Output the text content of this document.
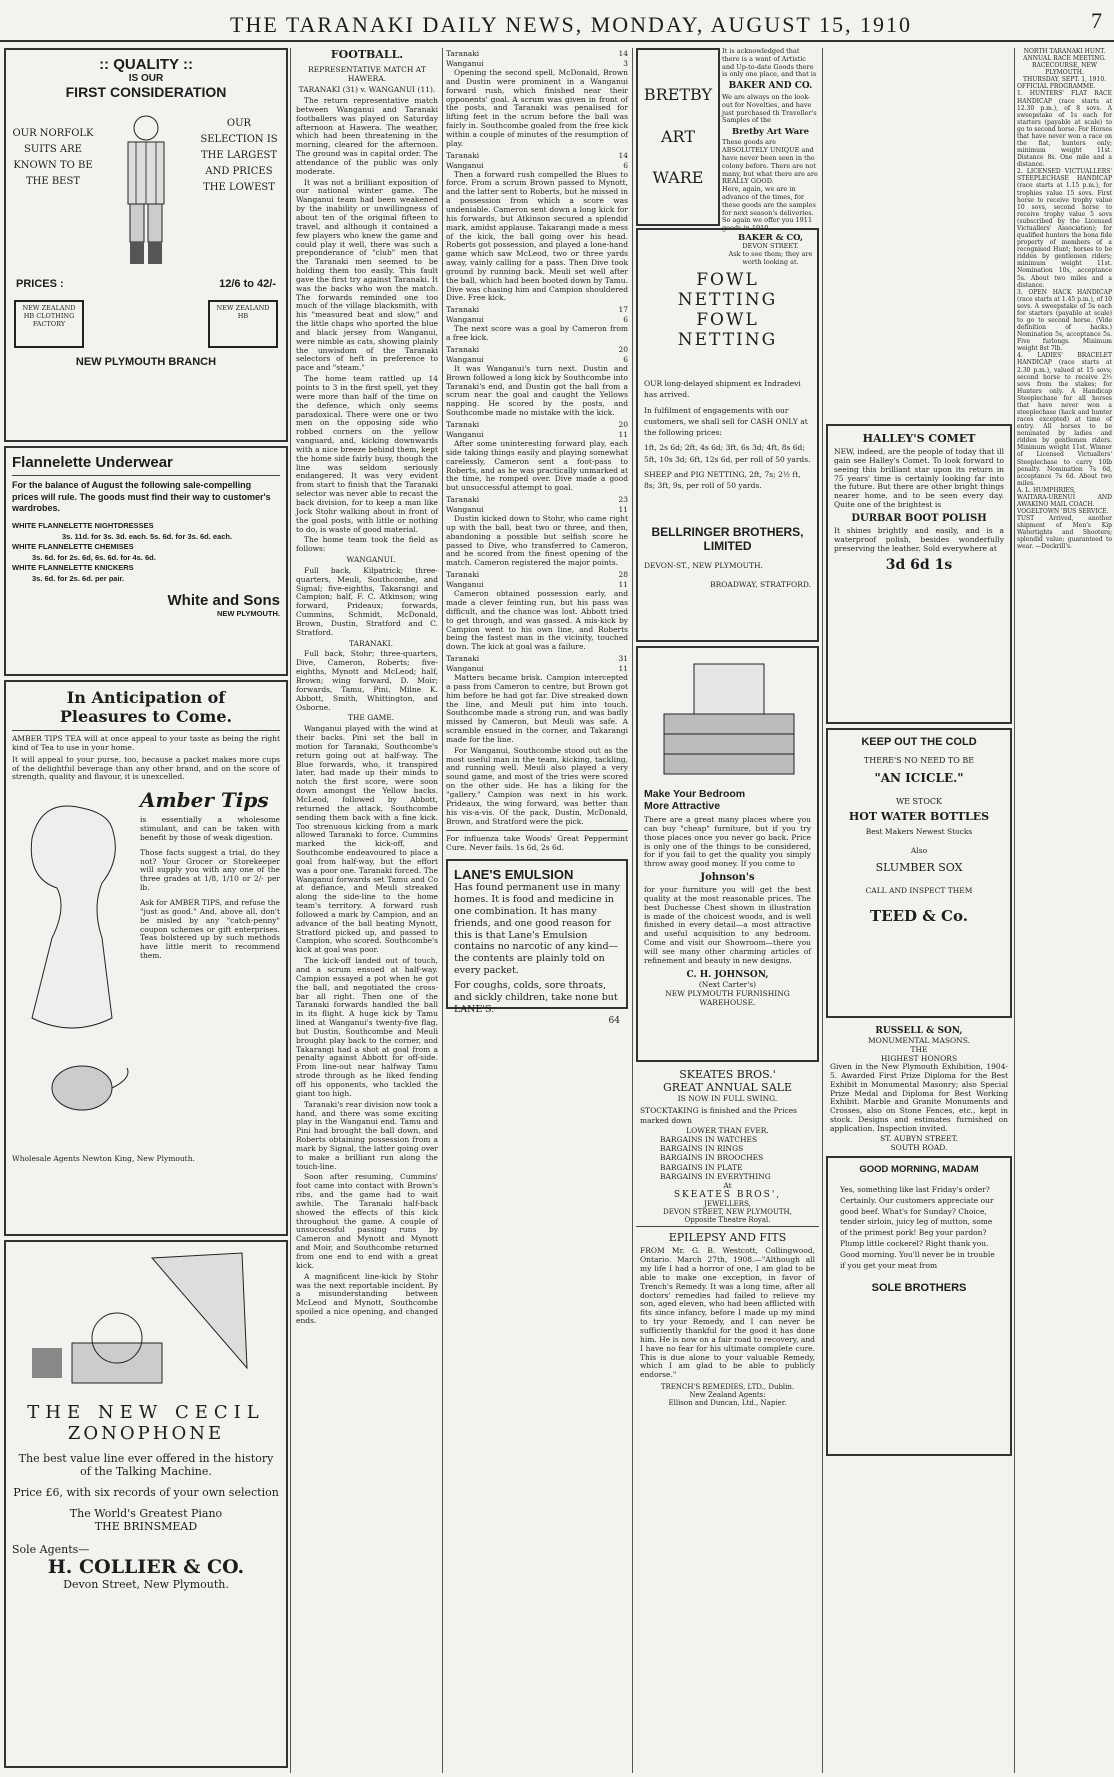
THE TARANAKI DAILY NEWS, MONDAY, AUGUST 15, 1910	7
:: QUALITY ::
IS OUR
FIRST CONSIDERATION
OUR NORFOLK SUITS ARE KNOWN TO BE THE BEST
OUR SELECTION IS THE LARGEST AND PRICES THE LOWEST
PRICES :	12/6 to 42/-
NEW ZEALAND HB CLOTHING FACTORY
NEW ZEALAND HB
NEW PLYMOUTH BRANCH
Flannelette Underwear
For the balance of August the following sale-compelling prices will rule. The goods must find their way to customer's wardrobes.
WHITE FLANNELETTE NIGHTDRESSES
3s. 11d. for 3s. 3d. each. 5s. 6d. for 3s. 6d. each.
WHITE FLANNELETTE CHEMISES
3s. 6d. for 2s. 6d, 6s. 6d. for 4s. 6d.
WHITE FLANNELETTE KNICKERS
3s. 6d. for 2s. 6d. per pair.
White and Sons
NEW PLYMOUTH.
In Anticipation of
Pleasures to Come.
AMBER TIPS TEA will at once appeal to your taste as being the right kind of Tea to use in your home.
It will appeal to your purse, too, because a packet makes more cups of the delightful beverage than any other brand, and on the score of strength, quality and flavour, it is unexcelled.
Amber Tips
is essentially a wholesome stimulant, and can be taken with benefit by those of weak digestion.
Those facts suggest a trial, do they not? Your Grocer or Storekeeper will supply you with any one of the three grades at 1/8, 1/10 or 2/- per lb.
Ask for AMBER TIPS, and refuse the "just as good." And, above all, don't be misled by any "catch-penny" coupon schemes or gift enterprises. Teas bolstered up by such methods have little merit to recommend them.
Wholesale Agents Newton King, New Plymouth.
THE NEW CECIL
ZONOPHONE
The best value line ever offered in the history of the Talking Machine.
Price £6, with six records of your own selection
The World's Greatest Piano
THE BRINSMEAD
Sole Agents—
H. COLLIER & CO.
Devon Street, New Plymouth.
FOOTBALL.
REPRESENTATIVE MATCH AT HAWERA.
TARANAKI (31) v. WANGANUI (11).

The return representative match between Wanganui and Taranaki footballers was played on Saturday afternoon at Hawera. The weather, which had been threatening in the morning, cleared for the afternoon. The ground was in capital order. The attendance of the public was only moderate.

It was not a brilliant exposition of our national winter game. The Wanganui team had been weakened by the inability or unwillingness of about ten of the original fifteen to travel, and although it contained a few players who knew the game and could play it well, there was such a preponderance of "club" men that the Taranaki men seemed to be holding them too easily. This fault gave the first try against Taranaki. It was the backs who won the match. The forwards reminded one too much of the village blacksmith, with his "measured beat and slow," and the little chaps who sported the blue and black jersey from Wanganui, were nimble as cats, showing plainly the unwisdom of the Taranaki selectors of heft in preference to pace and "steam."

The home team rattled up 14 points to 3 in the first spell, yet they were more than half of the time on the defence, which only seems paradoxical. There were one or two men on the opposing side who robbed corners on the yellow vanguard, and, kicking downwards with a nice breeze behind them, kept the home side fairly busy, though the line was seldom seriously endangered. It was very evident from start to finish that the Taranaki selector was never able to recast the back division, for to keep a man like Jock Stohr walking about in front of the goal posts, with little or nothing to do, is waste of good material.

The home team took the field as follows:

WANGANUI.

Full back, Kilpatrick; three-quarters, Meuli, Southcombe, and Signal; five-eighths, Takarangi and Campion; half, F. C. Atkinson; wing forward, Prideaux; forwards, Cummins, Schmidt, McDonald, Brown, Dustin, Stratford and C. Stratford.

TARANAKI.

Full back, Stohr; three-quarters, Dive, Cameron, Roberts; five-eighths, Mynott and McLeod; half, Brown; wing forward, D. Moir; forwards, Tamu, Pini, Milne K. Abbott, Smith, Whittington, and Osborne.

THE GAME.

Wanganui played with the wind at their backs. Pini set the ball in motion for Taranaki, Southcombe's return going out at half-way. The Blue forwards, who, it transpired later, had made up their minds to notch the first score, were soon down amongst the Yellow backs. McLeod, followed by Abbott, returned the attack, Southcombe sending them back with a fine kick. Too strenuous kicking from a mark allowed Taranaki to force. Cummins marked the kick-off, and Southcombe endeavoured to place a goal from half-way, but the effort was a poor one. Taranaki forced. The Wanganui forwards set Tamu and Co at defiance, and Meuli streaked along the side-line to the home team's territory. A forward rush followed a mark by Campion, and an advance of the ball beating Mynott, Stratford picked up, and passed to Campion, who scored. Southcombe's kick at goal was poor.

The kick-off landed out of touch, and a scrum ensued at half-way. Campion essayed a pot when he got the ball, and negotiated the cross-bar all right. Then one of the Taranaki forwards handled the ball in its flight. A huge kick by Tamu lined at Wanganui's twenty-five flag, but Dustin, Southcombe and Meuli brought play back to the corner, and Takarangi had a shot at goal from a penalty against Abbott for off-side. From line-out near halfway Tamu strode through as he liked fending off his opponents, who tackled the giant too high.

Taranaki's rear division now took a hand, and there was some exciting play in the Wanganui end. Tamu and Pini had brought the ball down, and Roberts obtaining possession from a mark by Signal, the latter going over to make a brilliant run along the touch-line.

Soon after resuming, Cummins' foot came into contact with Brown's ribs, and the game had to wait awhile. The Taranaki half-back showed the effects of this kick throughout the game. A couple of unsuccessful passing runs by Cameron and Mynott and Mynott and Moir, and Southcombe returned from one end to end with a great kick.

A magnificent line-kick by Stohr was the next reportable incident. By a misunderstanding between McLeod and Mynott, Southcombe spoiled a nice opening, and changed ends.

Taranaki	14
Wanganui	3

Opening the second spell, McDonald, Brown and Dustin were prominent in a Wanganui forward rush, which finished near their opponents' goal. A scrum was given in front of the posts, and Taranaki was penalised for lifting feet in the scrum before the ball was fairly in. Southcombe goaled from the free kick within a couple of minutes of the resumption of play.

Taranaki	14
Wanganui	6

Then a forward rush compelled the Blues to force. From a scrum Brown passed to Mynott, and the latter sent to Roberts, but he missed in a possession from which a score was undeniable. Cameron sent down a long kick for his forwards, but Atkinson secured a splendid mark, amidst applause. Takarangi made a mess of the kick, the ball going over his head. Roberts got possession, and played a lone-hand game which saw McLeod, two or three yards away, vainly calling for a pass. Then Dive took ground by running back. Meuli set well after the ball, which had been booted down by Tamu. Dive was chasing him and Campion shouldered Dive. Free kick.

Taranaki	17
Wanganui	6

The next score was a goal by Cameron from a free kick.

Taranaki	20
Wanganui	6

It was Wanganui's turn next. Dustin and Brown followed a long kick by Southcombe into Taranaki's end, and Dustin got the ball from a scrum near the goal and caught the Yellows napping. He scored by the posts, and Southcombe made no mistake with the kick.

Taranaki	20
Wanganui	11

After some uninteresting forward play, each side taking things easily and playing somewhat carelessly, Cameron sent a foot-pass to Roberts, and as he was practically unmarked at the time, he romped over. Dive made a good but unsuccessful attempt to goal.

Taranaki	23
Wanganui	11

Dustin kicked down to Stohr, who came right up with the ball, beat two or three, and then, abandoning a possible but selfish score he passed to Dive, who transferred to Cameron, and he scored from the finest opening of the match. Cameron registered the major points.

Taranaki	28
Wanganui	11

Cameron obtained possession early, and made a clever feinting run, but his pass was difficult, and the chance was lost. Abbott tried to get through, and was gassed. A mis-kick by Campion went to his own line, and Roberts being the fastest man in the vicinity, touched down. The kick at goal was a failure.

Taranaki	31
Wanganui	11

Matters became brisk. Campion intercepted a pass from Cameron to centre, but Brown got him before he had got far. Dive streaked down the line, and Meuli put him into touch. Southcombe made a strong run, and was badly missed by Cameron, but Meuli was safe. A scramble ensued in the corner, and Takarangi made for the line.

For Wanganui, Southcombe stood out as the most useful man in the team, kicking, tackling, and running well. Meuli also played a very sound game, and most of the tries were scored on the other side. He has a liking for the "gallery." Campion was next in his work. Prideaux, the wing forward, was better than his vis-a-vis. Of the pack, Dustin, McDonald, Brown, and Stratford were the pick.

For influenza take Woods' Great Peppermint Cure. Never fails. 1s 6d, 2s 6d.
LANE'S EMULSION
Has found permanent use in many homes. It is food and medicine in one combination. It has many friends, and one good reason for this is that Lane's Emulsion contains no narcotic of any kind—the contents are plainly told on every packet.
For coughs, colds, sore throats, and sickly children, take none but LANE'S.
64
BRETBY
ART
WARE
It is acknowledged that there is a want of Artistic and Up-to-date Goods there is only one place, and that is
BAKER AND CO.
We are always on the look-out for Novelties, and have just purchased th Traveller's Samples of the
Bretby Art Ware
These goods are ABSOLUTELY UNIQUE and have never been seen in the colony before. There are not many, but what there are are REALLY GOOD.
Here, again, we are in advance of the times, for these goods are the samples for next season's deliveries. So again we offer you 1911 goods in 1910.
BAKER & CO,
DEVON STREET.
Ask to see them; they are worth looking at.
FOWL NETTING
FOWL NETTING
OUR long-delayed shipment ex Indradevi has arrived.
In fulfilment of engagements with our customers, we shall sell for CASH ONLY at the following prices:
1ft, 2s 6d; 2ft, 4s 6d; 3ft, 6s 3d; 4ft, 8s 6d; 5ft, 10s 3d; 6ft, 12s 6d, per roll of 50 yards.
SHEEP and PIG NETTING, 2ft, 7s; 2½ ft, 8s; 3ft, 9s, per roll of 50 yards.
BELLRINGER BROTHERS, LIMITED
DEVON-ST., NEW PLYMOUTH.
BROADWAY, STRATFORD.
Make Your Bedroom
More Attractive
There are a great many places where you can buy "cheap" furniture, but if you try those places once you never go back. Price is only one of the things to be considered, for if you fail to get the quality you simply throw away good money. If you come to
Johnson's
for your furniture you will get the best quality at the most reasonable prices. The best Duchesse Chest shown in illustration is made of the choicest woods, and is well finished in every detail—a most attractive and useful acquisition to any bedroom. Come and visit our Showroom—there you will see many other charming articles of refinement and beauty in new designs.
C. H. JOHNSON,
(Next Carter's)
NEW PLYMOUTH FURNISHING WAREHOUSE.
SKEATES BROS.'
GREAT ANNUAL SALE
IS NOW IN FULL SWING.
STOCKTAKING is finished and the Prices marked down
LOWER THAN EVER.
BARGAINS IN WATCHES
BARGAINS IN RINGS
BARGAINS IN BROOCHES
BARGAINS IN PLATE
BARGAINS IN EVERYTHING
At
SKEATES BROS',
JEWELLERS,
DEVON STREET, NEW PLYMOUTH,
Opposite Theatre Royal.
EPILEPSY AND FITS
FROM Mr. G. B. Westcott, Collingwood, Ontario. March 27th, 1908.—"Although all my life I had a horror of one, I am glad to be able to make one exception, in favor of Trench's Remedy. It was a long time, after all doctors' remedies had failed to relieve my son, aged eleven, who had been afflicted with fits since infancy, before I made up my mind to try your Remedy, and I can never be sufficiently thankful for the good it has done him. He is now on a fair road to recovery, and I have no fear for his ultimate complete cure. This is due alone to your valuable Remedy, which I am glad to be able to publicly endorse."
TRENCH'S REMEDIES, LTD., Dublin.
New Zealand Agents:
Ellison and Duncan, Ltd., Napier.
HALLEY'S COMET
NEW, indeed, are the people of today that ill gain see Halley's Comet. To look forward to seeing this brilliant star upon its return in 75 years' time is certainly looking far into the future. But there are other bright things nearer home, and to be seen every day. Quite one of the brightest is
DURBAR BOOT POLISH
It shines brightly and easily, and is a waterproof polish, besides wonderfully preserving the leather. Sold everywhere at
3d 6d 1s
KEEP OUT THE COLD
THERE'S NO NEED TO BE
"AN ICICLE."
WE STOCK
HOT WATER BOTTLES
Best Makers Newest Stocks
Also
SLUMBER SOX
CALL AND INSPECT THEM
TEED & Co.
RUSSELL & SON,
MONUMENTAL MASONS.
THE
HIGHEST HONORS
Given in the New Plymouth Exhibition, 1904-5. Awarded First Prize Diploma for the Best Exhibit in Monumental Masonry; also Special Prize Medal and Diploma for Best Working Exhibit. Marble and Granite Monuments and Crosses, also on Stone Fences, etc., kept in stock. Designs and estimates furnished on application. Inspection invited.
ST. AUBYN STREET.
SOUTH ROAD.
GOOD MORNING, MADAM
Yes, something like last Friday's order? Certainly. Our customers appreciate our good beef. What's for Sunday? Choice, tender sirloin, juicy leg of mutton, some of the primest pork! Beg your pardon? Plump little cockerel? Right thank you. Good morning. You'll never be in trouble if you get your meat from
SOLE BROTHERS
NORTH TARANAKI HUNT.
ANNUAL RACE MEETING.
RACECOURSE, NEW PLYMOUTH.
THURSDAY, SEPT. 1, 1910.
OFFICIAL PROGRAMME.
1. HUNTERS' FLAT RACE HANDICAP (race starts at 12.30 p.m.), of 8 sovs. A sweepstake of 1s each for starters (payable at scale) to go to second horse. For Horses that have never won a race on the flat, hunters only; minimum weight 11st. Distance 8s. One mile and a distance.
2. LICENSED VICTUALLERS' STEEPLECHASE HANDICAP (race starts at 1.15 p.m.), for trophies value 15 sovs. First horse to receive trophy value 10 sovs, second horse to receive trophy value 5 sovs (subscribed by the Licensed Victuallers' Association); for qualified hunters the bona fide property of members of a recognised Hunt; horses to be ridden by gentlemen riders; minimum weight 11st. Nomination 10s, acceptance 5s. About two miles and a distance.
3. OPEN HACK HANDICAP (race starts at 1.45 p.m.), of 10 sovs. A sweepstake of 5s each for starters (payable at scale) to go to second horse. (Vide definition of hacks.) Nomination 5s, acceptance 5s. Five furlongs. Minimum weight 8st 7lb.
4. LADIES' BRACELET HANDICAP (race starts at 2.30 p.m.), valued at 15 sovs; second horse to receive 2½ sovs from the stakes; for Hunters only. A Handicap Steeplechase for all horses that have never won a steeplechase (hack and hunter races excepted) at time of entry. All horses to be nominated by ladies and ridden by gentlemen riders. Minimum weight 11st. Winner of Licensed Victuallers' Steeplechase to carry 10lb penalty. Nomination 7s 6d, acceptance 7s 6d. About two miles.
A. L. HUMPHRIES,
WAITARA-URENUI AND AWAKINO MAIL COACH.
VOGELTOWN 'BUS SERVICE.
TUST Arrived, another shipment of Men's Kip Watertights and Shooters; splendid value; guaranteed to wear. —Dockrill's.
